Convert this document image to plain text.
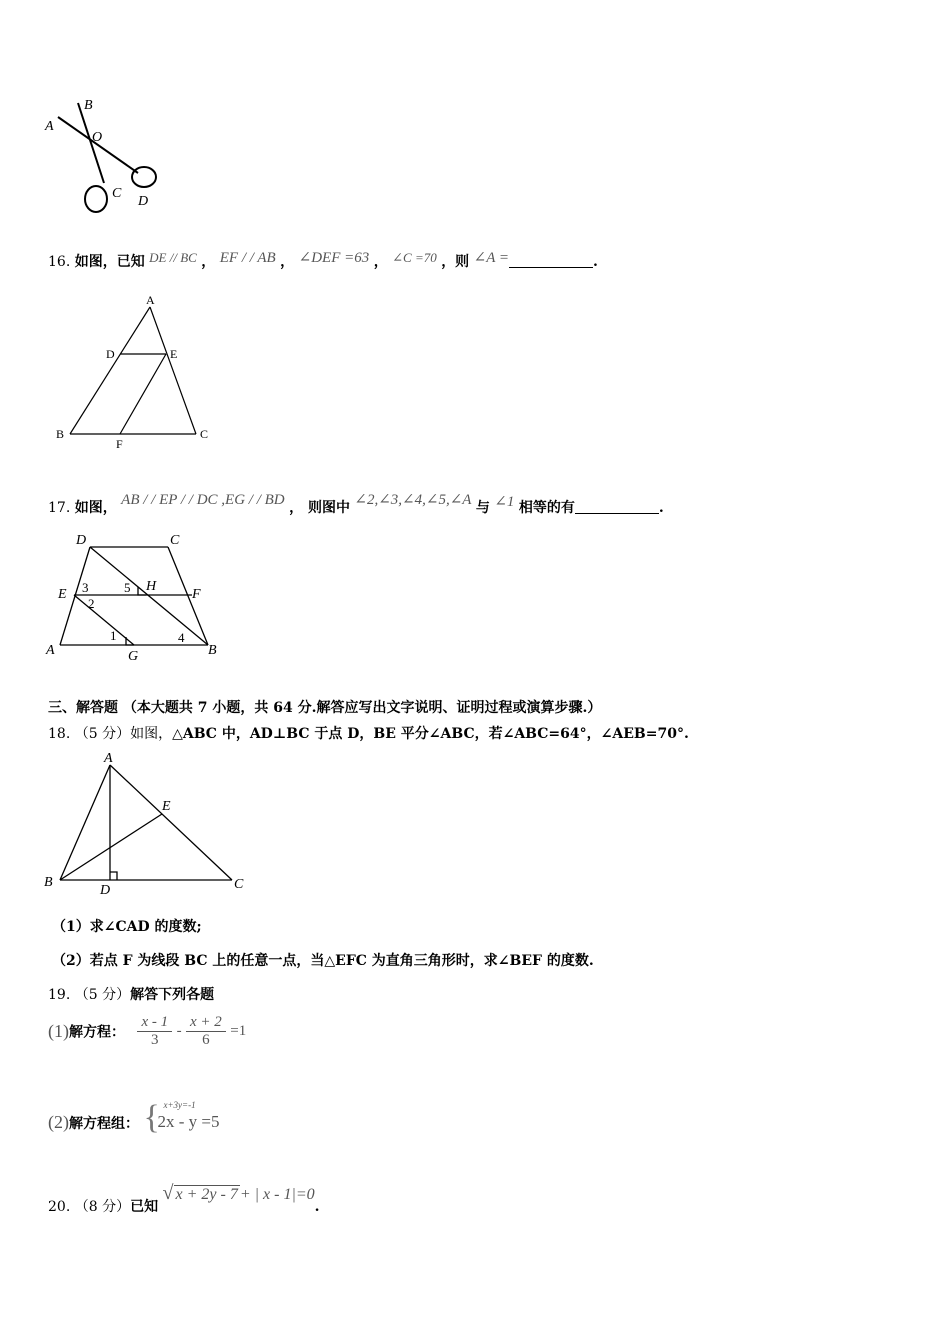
A
B
O
C
D
16. 如图，已知 DE // BC ， EF / / AB ， ∠DEF =63 ， ∠C =70 ，则 ∠A =	.
A
D	E
B
F
C
17. 如图， AB / / EP / / DC ,EG / / BD ， 则图中 ∠2,∠3,∠4,∠5,∠A 与 ∠1 相等的有	.
D	C
E
H
F
A	G	B
3
2
5
1	4
三、解答题 （本大题共 7 小题，共 64 分.解答应写出文字说明、证明过程或演算步骤.）
18. （5 分）如图，△ABC 中，AD⊥BC 于点 D，BE 平分∠ABC，若∠ABC=64°，∠AEB=70°.
A
E
B
D	C
（1）求∠CAD 的度数;
（2）若点 F 为线段 BC 上的任意一点，当△EFC 为直角三角形时，求∠BEF 的度数.
19. （5 分）解答下列各题
(1)解方程： $\frac{x - 1}{3} - \frac{x + 2}{6} =1$
(2)解方程组： { x+3y=-1
2x - y =5
20. （8 分）已知 √ x + 2y - 7 + | x - 1|=0.
